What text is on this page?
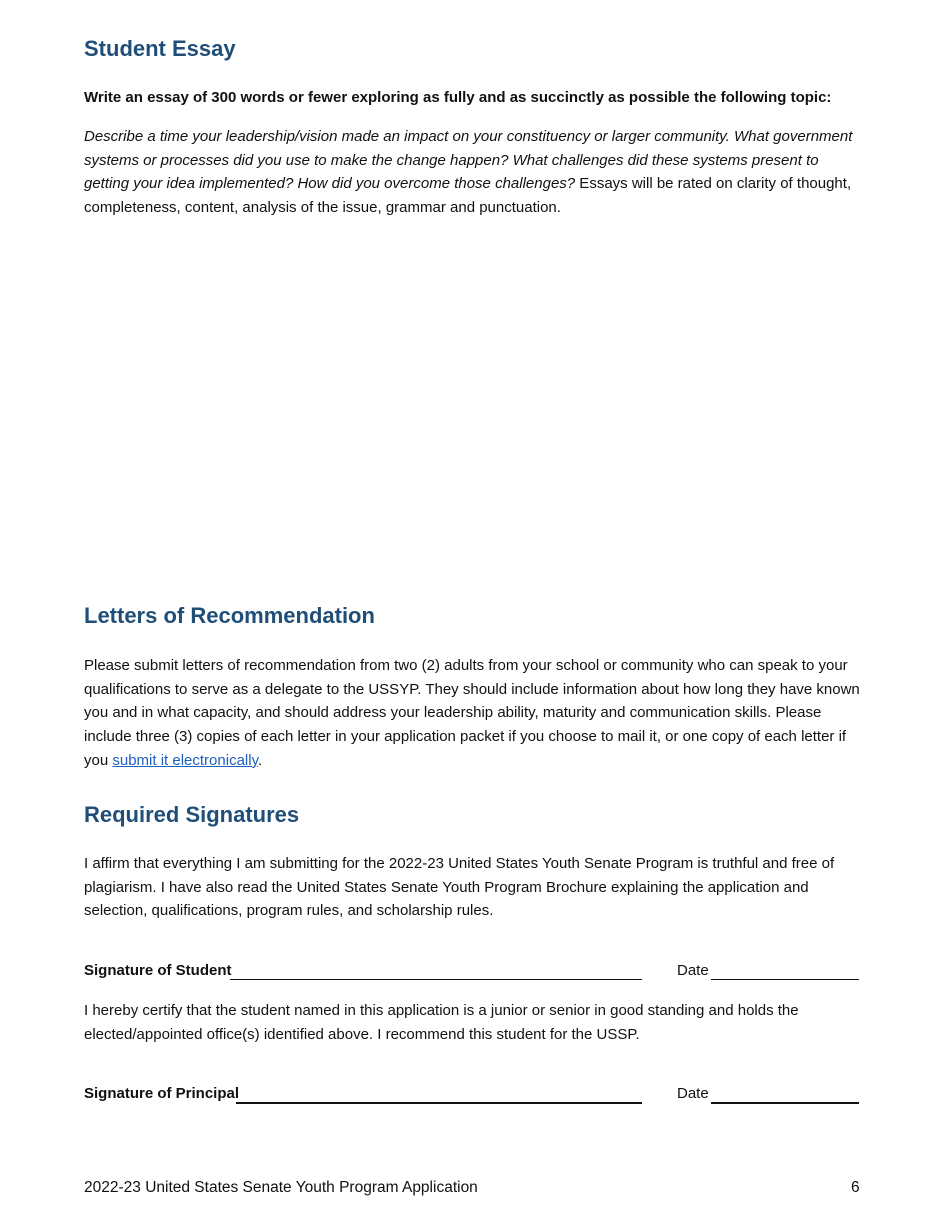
Student Essay

Write an essay of 300 words or fewer exploring as fully and as succinctly as possible the following topic:

Describe a time your leadership/vision made an impact on your constituency or larger community. What government systems or processes did you use to make the change happen? What challenges did these systems present to getting your idea implemented? How did you overcome those challenges? Essays will be rated on clarity of thought, completeness, content, analysis of the issue, grammar and punctuation.

Letters of Recommendation

Please submit letters of recommendation from two (2) adults from your school or community who can speak to your qualifications to serve as a delegate to the USSYP. They should include information about how long they have known you and in what capacity, and should address your leadership ability, maturity and communication skills. Please include three (3) copies of each letter in your application packet if you choose to mail it, or one copy of each letter if you submit it electronically.

Required Signatures

I affirm that everything I am submitting for the 2022-23 United States Youth Senate Program is truthful and free of plagiarism. I have also read the United States Senate Youth Program Brochure explaining the application and selection, qualifications, program rules, and scholarship rules.

Signature of Student	Date

I hereby certify that the student named in this application is a junior or senior in good standing and holds the elected/appointed office(s) identified above. I recommend this student for the USSP.

Signature of Principal	Date
2022-23 United States Senate Youth Program Application	6
